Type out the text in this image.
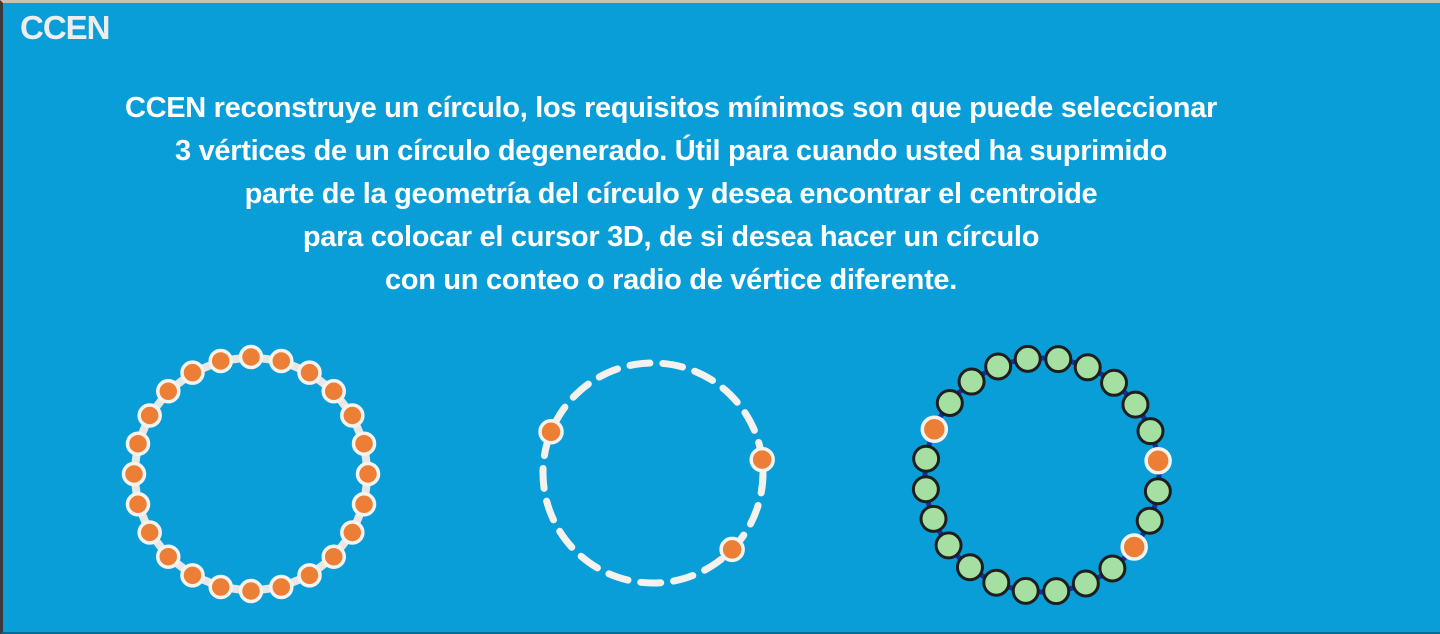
CCEN
CCEN reconstruye un círculo, los requisitos mínimos son que puede seleccionar
3 vértices de un círculo degenerado. Útil para cuando usted ha suprimido
parte de la geometría del círculo y desea encontrar el centroide
para colocar el cursor 3D, de si desea hacer un círculo
con un conteo o radio de vértice diferente.
